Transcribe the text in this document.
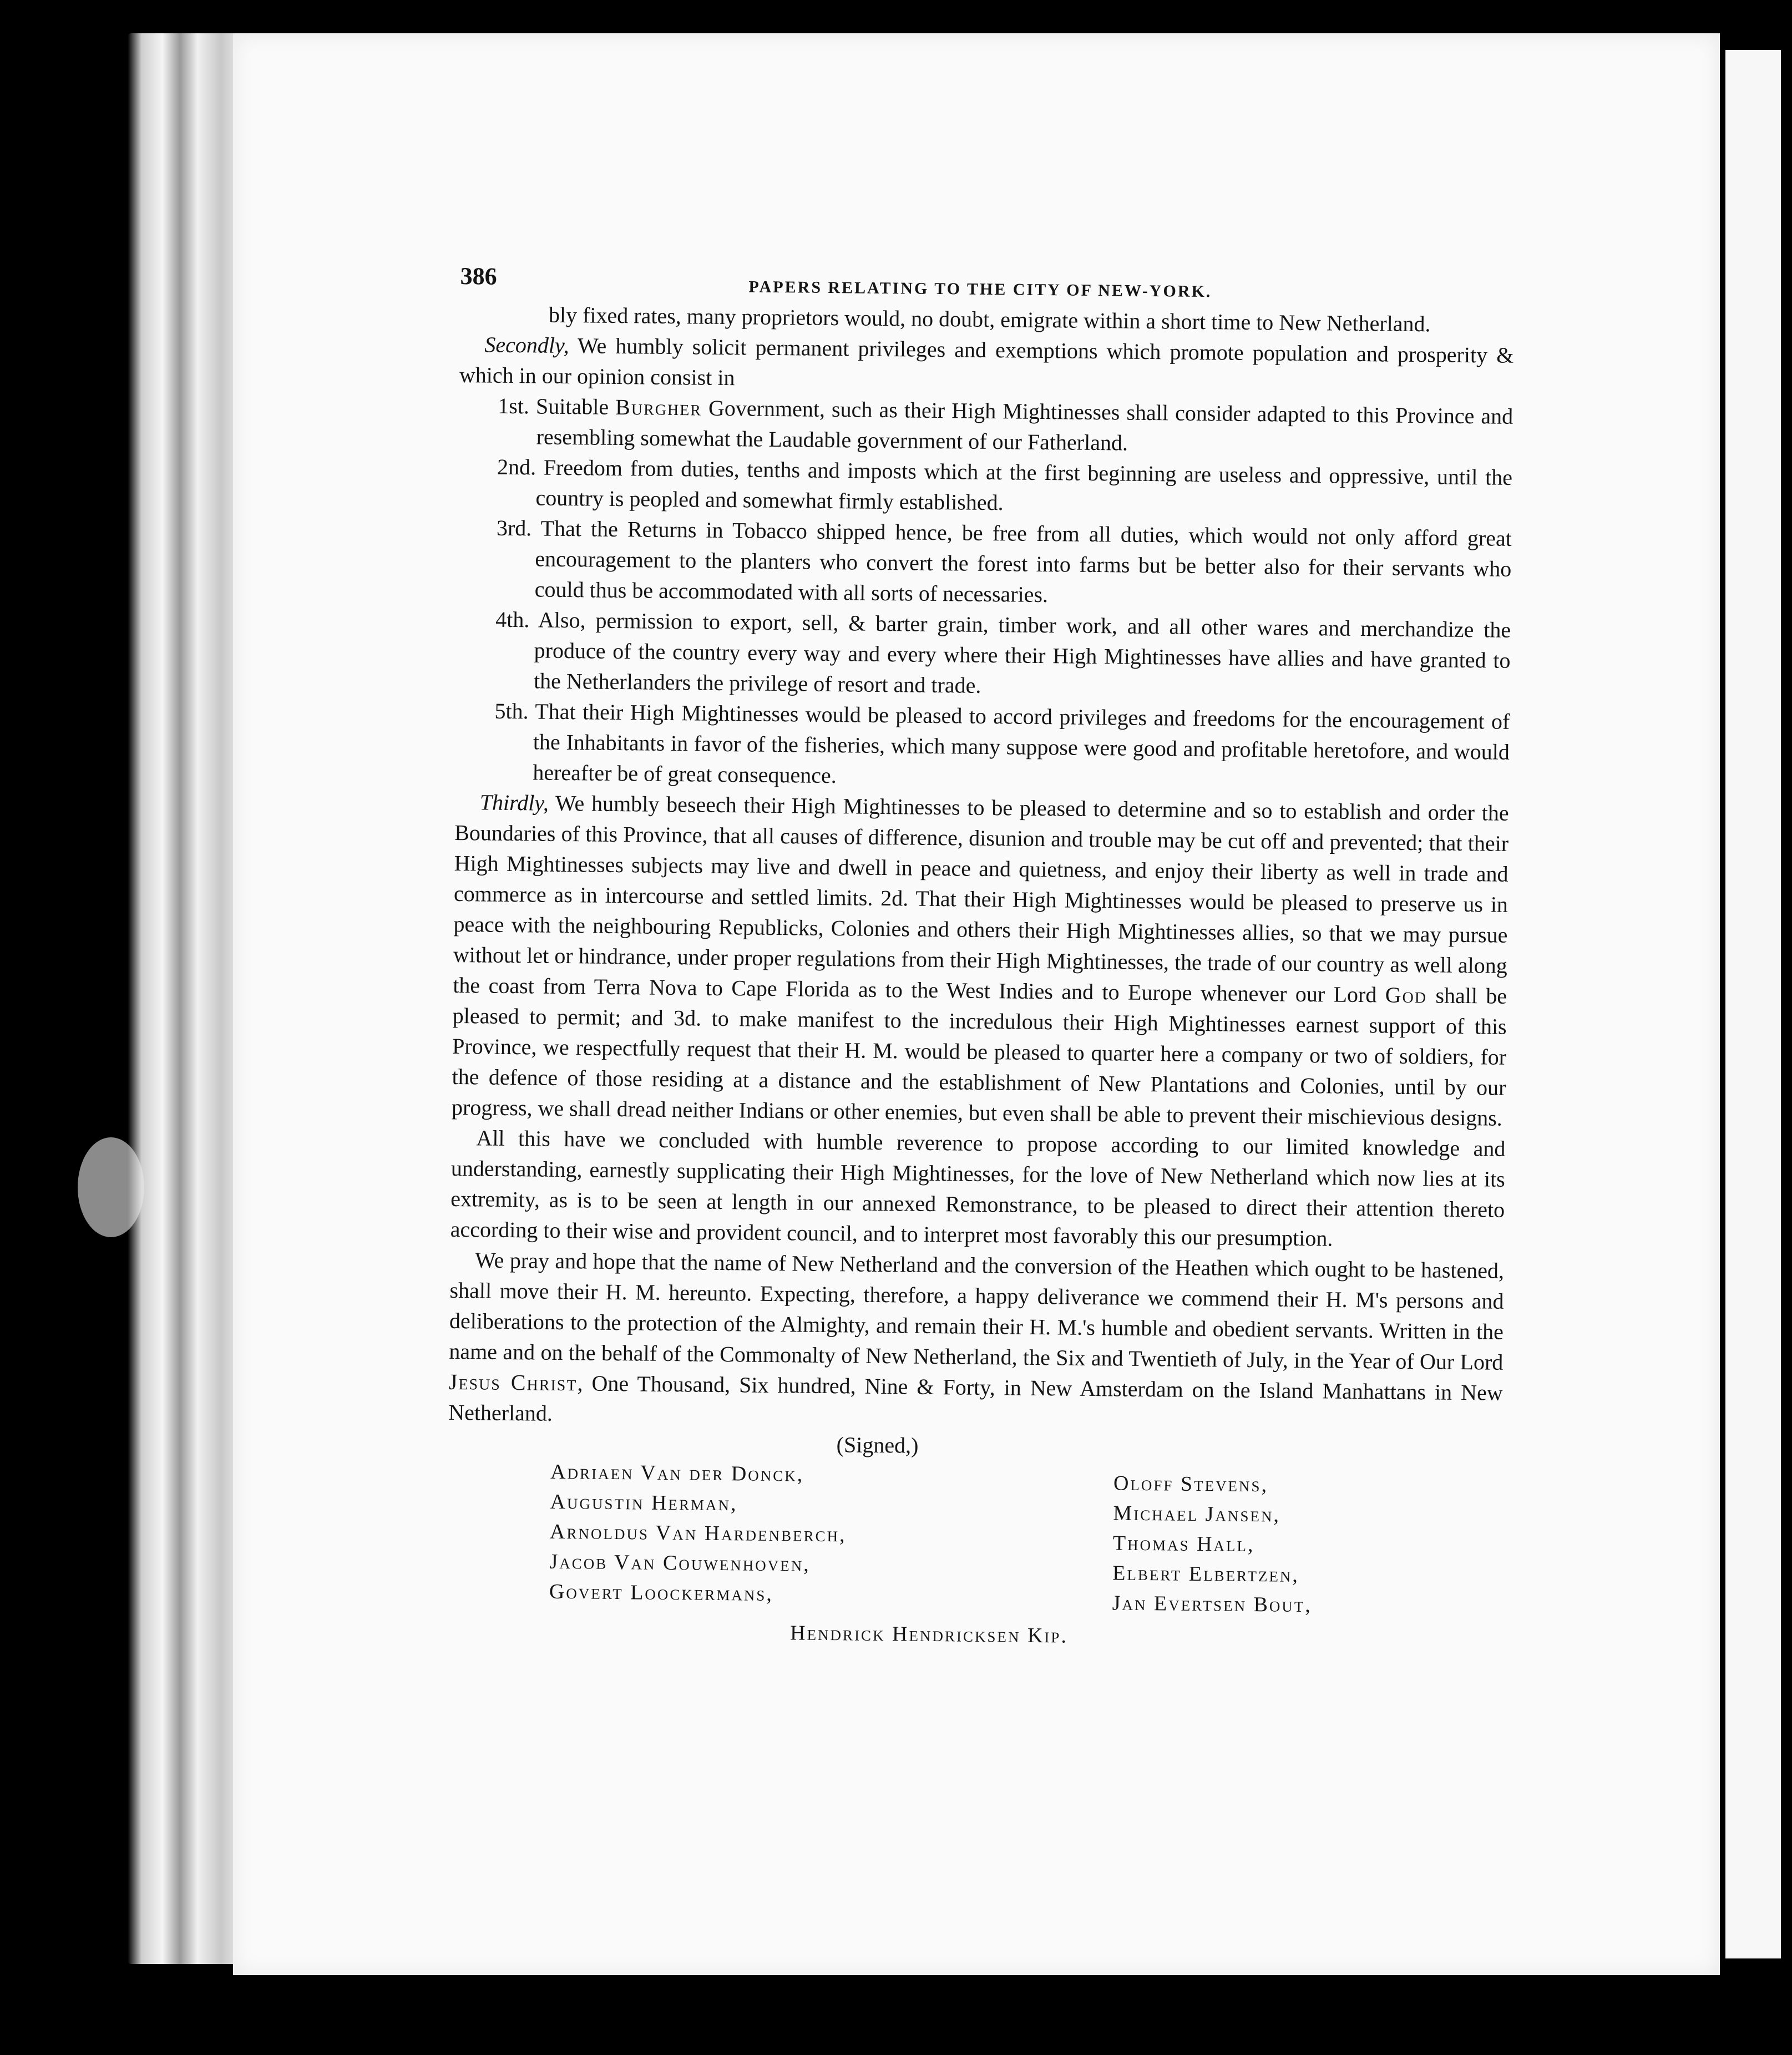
386	PAPERS RELATING TO THE CITY OF NEW-YORK.

bly fixed rates, many proprietors would, no doubt, emigrate within a short time to New Netherland.

Secondly, We humbly solicit permanent privileges and exemptions which promote population and prosperity & which in our opinion consist in

1st. Suitable Burgher Government, such as their High Mightinesses shall consider adapted to this Province and resembling somewhat the Laudable government of our Fatherland.

2nd. Freedom from duties, tenths and imposts which at the first beginning are useless and oppressive, until the country is peopled and somewhat firmly established.

3rd. That the Returns in Tobacco shipped hence, be free from all duties, which would not only afford great encouragement to the planters who convert the forest into farms but be better also for their servants who could thus be accommodated with all sorts of necessaries.

4th. Also, permission to export, sell, & barter grain, timber work, and all other wares and merchandize the produce of the country every way and every where their High Mightinesses have allies and have granted to the Netherlanders the privilege of resort and trade.

5th. That their High Mightinesses would be pleased to accord privileges and freedoms for the encouragement of the Inhabitants in favor of the fisheries, which many suppose were good and profitable heretofore, and would hereafter be of great consequence.

Thirdly, We humbly beseech their High Mightinesses to be pleased to determine and so to establish and order the Boundaries of this Province, that all causes of difference, disunion and trouble may be cut off and prevented; that their High Mightinesses subjects may live and dwell in peace and quietness, and enjoy their liberty as well in trade and commerce as in intercourse and settled limits. 2d. That their High Mightinesses would be pleased to preserve us in peace with the neighbouring Republicks, Colonies and others their High Mightinesses allies, so that we may pursue without let or hindrance, under proper regulations from their High Mightinesses, the trade of our country as well along the coast from Terra Nova to Cape Florida as to the West Indies and to Europe whenever our Lord God shall be pleased to permit; and 3d. to make manifest to the incredulous their High Mightinesses earnest support of this Province, we respectfully request that their H. M. would be pleased to quarter here a company or two of soldiers, for the defence of those residing at a distance and the establishment of New Plantations and Colonies, until by our progress, we shall dread neither Indians or other enemies, but even shall be able to prevent their mischievious designs.

All this have we concluded with humble reverence to propose according to our limited knowledge and understanding, earnestly supplicating their High Mightinesses, for the love of New Netherland which now lies at its extremity, as is to be seen at length in our annexed Remonstrance, to be pleased to direct their attention thereto according to their wise and provident council, and to interpret most favorably this our presumption.

We pray and hope that the name of New Netherland and the conversion of the Heathen which ought to be hastened, shall move their H. M. hereunto. Expecting, therefore, a happy deliverance we commend their H. M's persons and deliberations to the protection of the Almighty, and remain their H. M.'s humble and obedient servants. Written in the name and on the behalf of the Commonalty of New Netherland, the Six and Twentieth of July, in the Year of Our Lord Jesus Christ, One Thousand, Six hundred, Nine & Forty, in New Amsterdam on the Island Manhattans in New Netherland.

(Signed,)

Adriaen Van der Donck,
Augustin Herman,
Arnoldus Van Hardenberch,
Jacob Van Couwenhoven,
Govert Loockermans,
Oloff Stevens,
Michael Jansen,
Thomas Hall,
Elbert Elbertzen,
Jan Evertsen Bout,
Hendrick Hendricksen Kip.
